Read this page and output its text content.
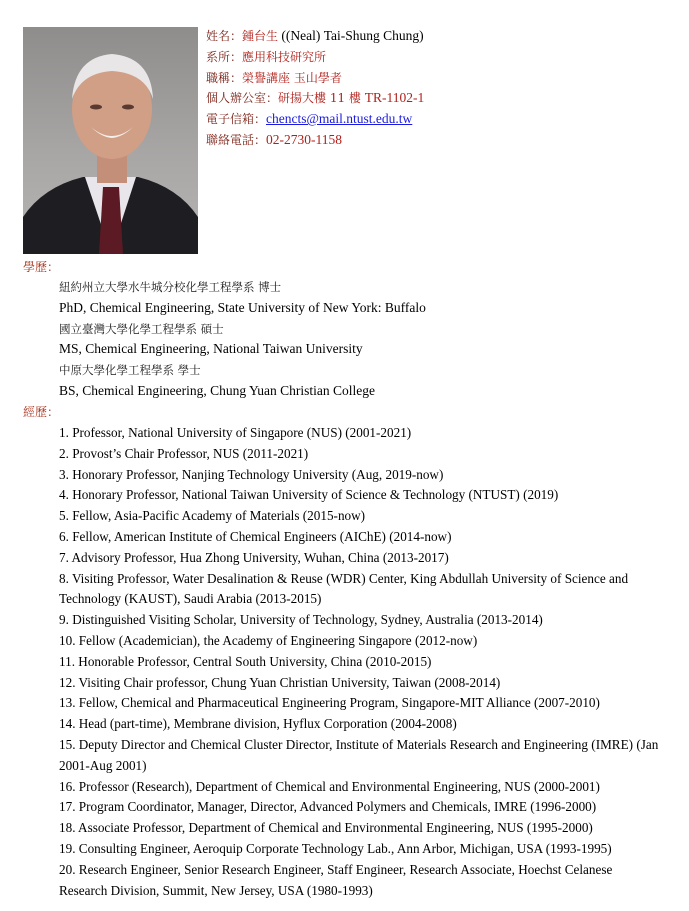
姓名：鍾台生 ((Neal) Tai-Shung Chung)
系所：應用科技研究所
職稱：榮譽講座 玉山學者
個人辦公室：研揚大樓 11 樓 TR-1102-1
電子信箱：chencts@mail.ntust.edu.tw
聯絡電話：02-2730-1158
學歷：
紐約州立大學水牛城分校化學工程學系 博士
PhD, Chemical Engineering, State University of New York: Buffalo
國立臺灣大學化學工程學系 碩士
MS, Chemical Engineering, National Taiwan University
中原大學化學工程學系 學士
BS, Chemical Engineering, Chung Yuan Christian College
經歷：
1. Professor, National University of Singapore (NUS) (2001-2021)
2. Provost’s Chair Professor, NUS (2011-2021)
3. Honorary Professor, Nanjing Technology University (Aug, 2019-now)
4. Honorary Professor, National Taiwan University of Science & Technology (NTUST) (2019)
5. Fellow, Asia-Pacific Academy of Materials (2015-now)
6. Fellow, American Institute of Chemical Engineers (AIChE) (2014-now)
7. Advisory Professor, Hua Zhong University, Wuhan, China (2013-2017)
8. Visiting Professor, Water Desalination & Reuse (WDR) Center, King Abdullah University of Science and Technology (KAUST), Saudi Arabia (2013-2015)
9. Distinguished Visiting Scholar, University of Technology, Sydney, Australia (2013-2014)
10. Fellow (Academician), the Academy of Engineering Singapore (2012-now)
11. Honorable Professor, Central South University, China (2010-2015)
12. Visiting Chair professor, Chung Yuan Christian University, Taiwan (2008-2014)
13. Fellow, Chemical and Pharmaceutical Engineering Program, Singapore-MIT Alliance (2007-2010)
14. Head (part-time), Membrane division, Hyflux Corporation (2004-2008)
15. Deputy Director and Chemical Cluster Director, Institute of Materials Research and Engineering (IMRE) (Jan 2001-Aug 2001)
16. Professor (Research), Department of Chemical and Environmental Engineering, NUS (2000-2001)
17. Program Coordinator, Manager, Director, Advanced Polymers and Chemicals, IMRE (1996-2000)
18. Associate Professor, Department of Chemical and Environmental Engineering, NUS (1995-2000)
19. Consulting Engineer, Aeroquip Corporate Technology Lab., Ann Arbor, Michigan, USA (1993-1995)
20. Research Engineer, Senior Research Engineer, Staff Engineer, Research Associate, Hoechst Celanese Research Division, Summit, New Jersey, USA (1980-1993)
